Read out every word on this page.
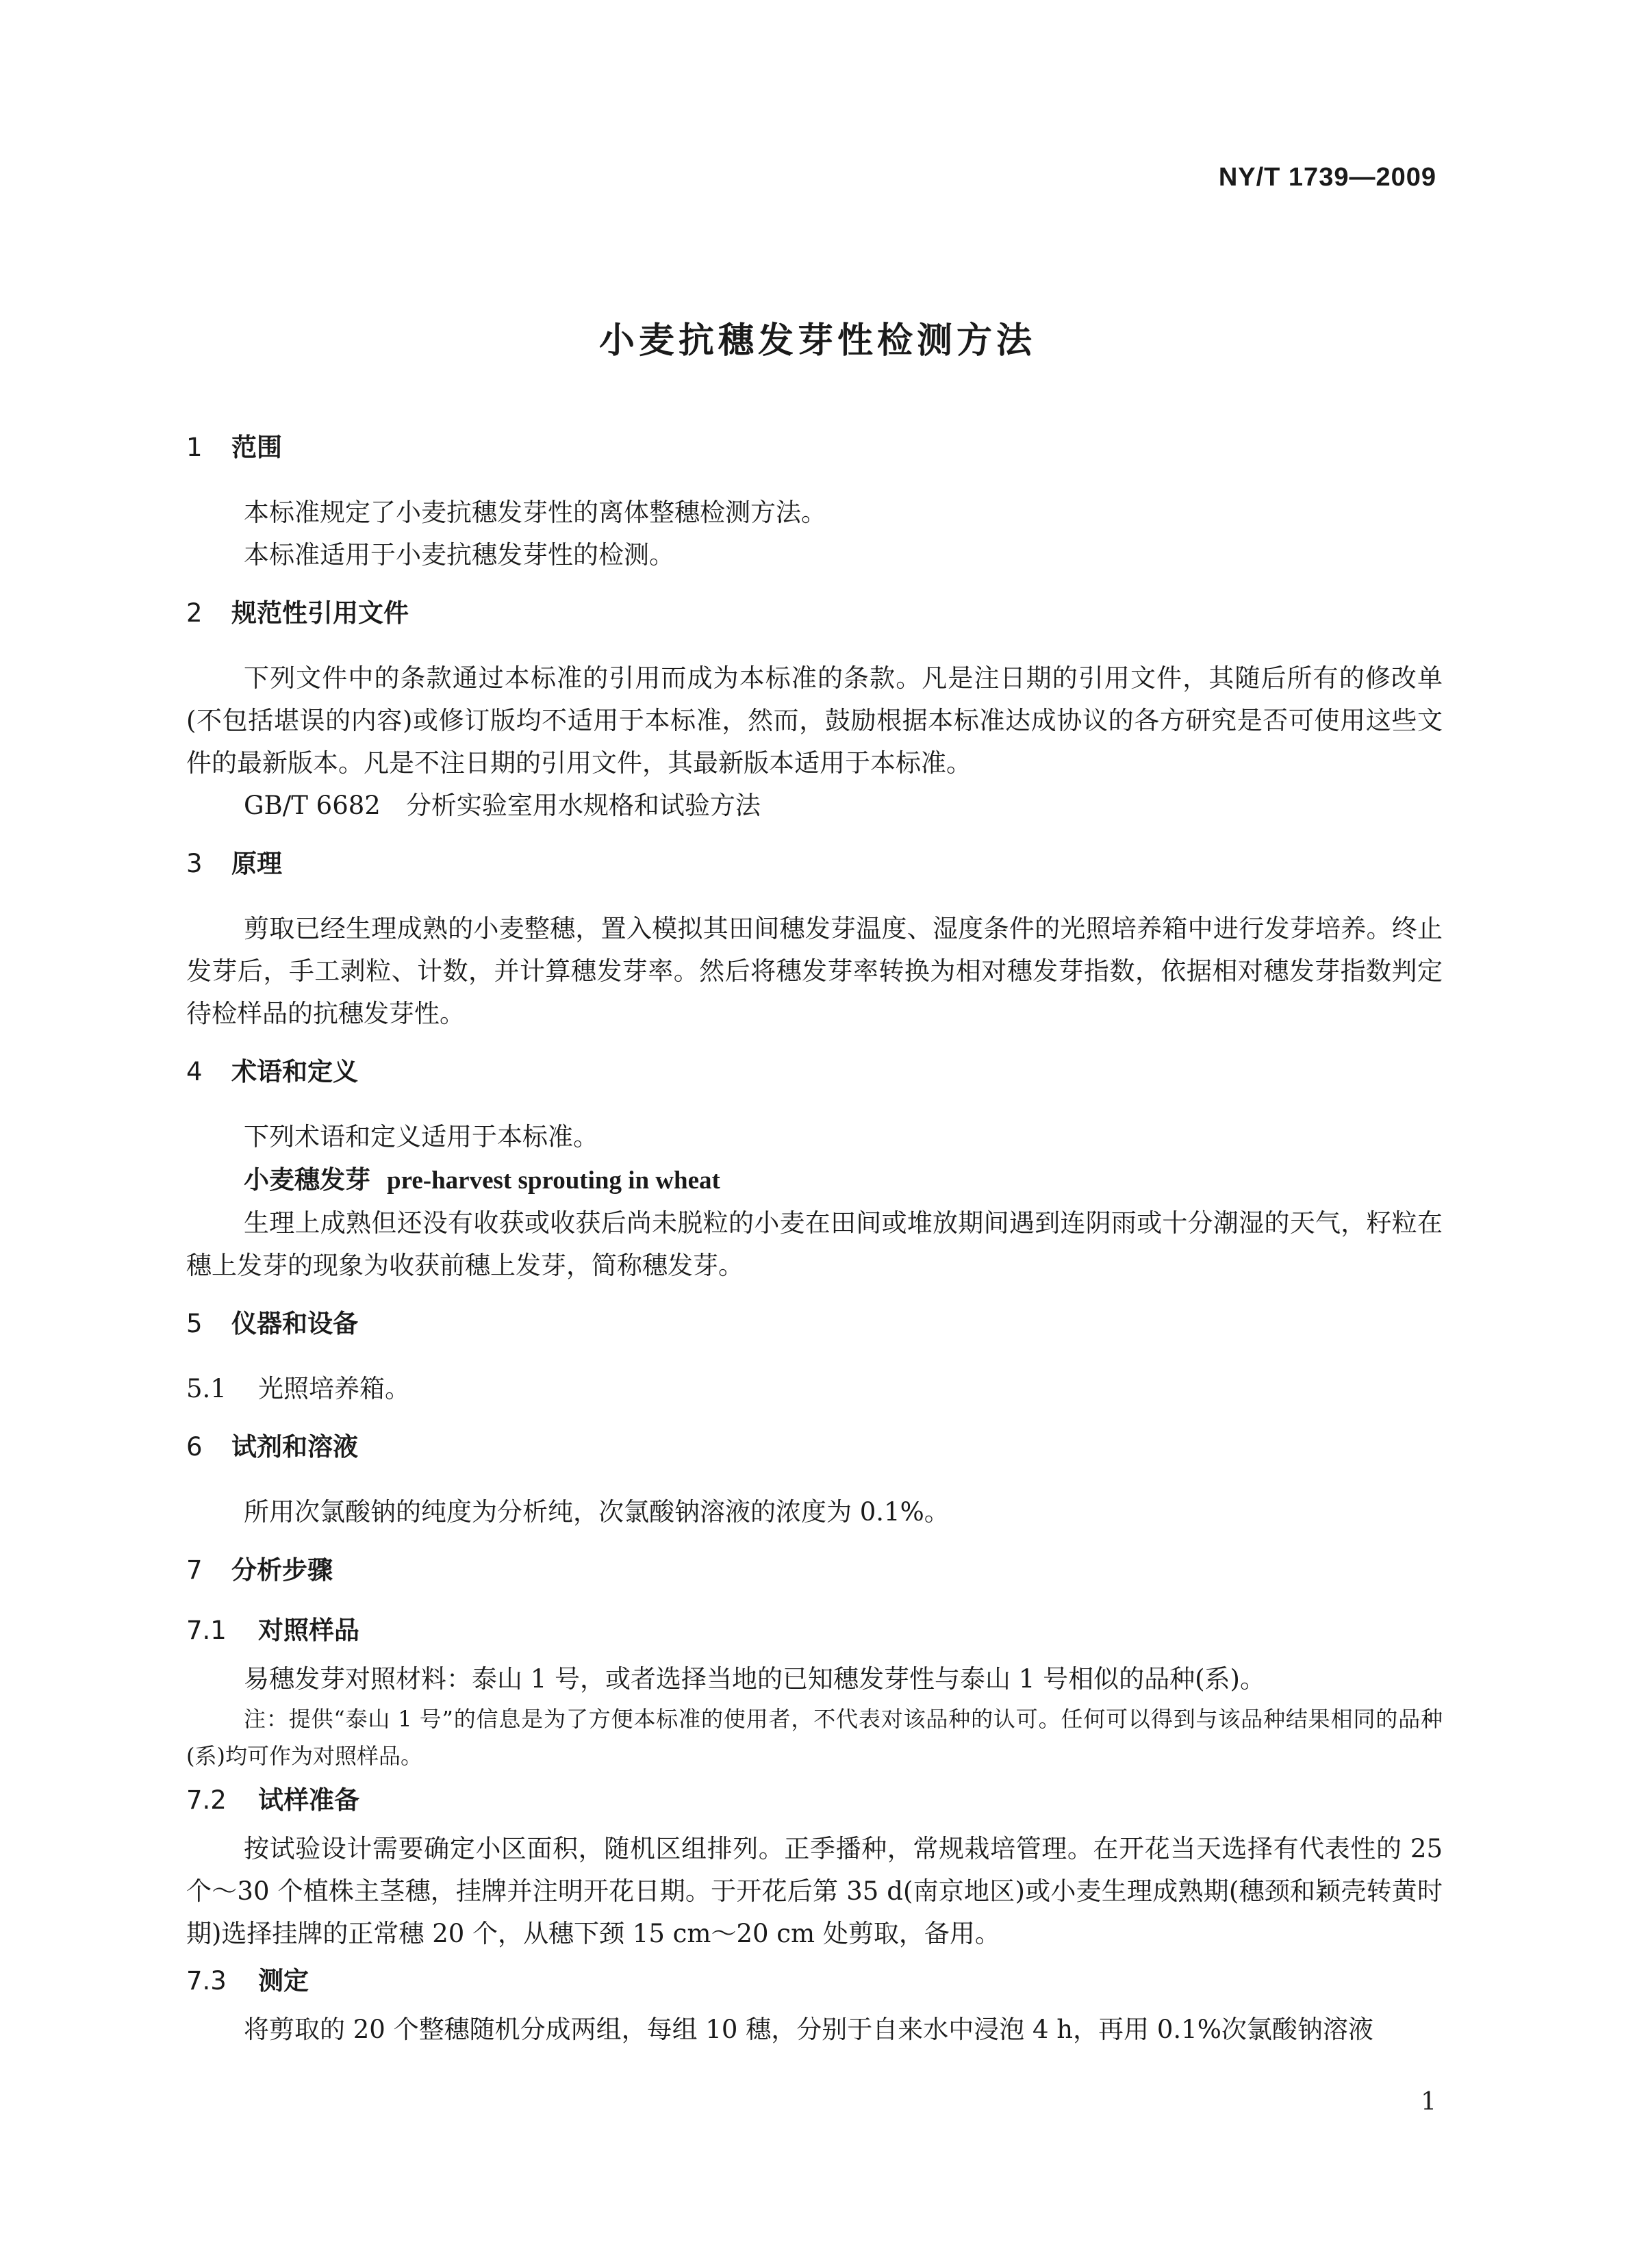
NY/T 1739—2009
小麦抗穗发芽性检测方法
1 范围

本标准规定了小麦抗穗发芽性的离体整穗检测方法。

本标准适用于小麦抗穗发芽性的检测。

2 规范性引用文件

下列文件中的条款通过本标准的引用而成为本标准的条款。凡是注日期的引用文件，其随后所有的修改单(不包括堪误的内容)或修订版均不适用于本标准，然而，鼓励根据本标准达成协议的各方研究是否可使用这些文件的最新版本。凡是不注日期的引用文件，其最新版本适用于本标准。

GB/T 6682　分析实验室用水规格和试验方法

3 原理

剪取已经生理成熟的小麦整穗，置入模拟其田间穗发芽温度、湿度条件的光照培养箱中进行发芽培养。终止发芽后，手工剥粒、计数，并计算穗发芽率。然后将穗发芽率转换为相对穗发芽指数，依据相对穗发芽指数判定待检样品的抗穗发芽性。

4 术语和定义

下列术语和定义适用于本标准。

小麦穗发芽 pre-harvest sprouting in wheat

生理上成熟但还没有收获或收获后尚未脱粒的小麦在田间或堆放期间遇到连阴雨或十分潮湿的天气，籽粒在穗上发芽的现象为收获前穗上发芽，简称穗发芽。

5 仪器和设备

5.1 光照培养箱。

6 试剂和溶液

所用次氯酸钠的纯度为分析纯，次氯酸钠溶液的浓度为 0.1%。

7 分析步骤
7.1 对照样品

易穗发芽对照材料：泰山 1 号，或者选择当地的已知穗发芽性与泰山 1 号相似的品种(系)。

注：提供“泰山 1 号”的信息是为了方便本标准的使用者，不代表对该品种的认可。任何可以得到与该品种结果相同的品种(系)均可作为对照样品。

7.2 试样准备

按试验设计需要确定小区面积，随机区组排列。正季播种，常规栽培管理。在开花当天选择有代表性的 25 个～30 个植株主茎穗，挂牌并注明开花日期。于开花后第 35 d(南京地区)或小麦生理成熟期(穗颈和颖壳转黄时期)选择挂牌的正常穗 20 个，从穗下颈 15 cm～20 cm 处剪取，备用。

7.3 测定

将剪取的 20 个整穗随机分成两组，每组 10 穗，分别于自来水中浸泡 4 h，再用 0.1%次氯酸钠溶液

1
